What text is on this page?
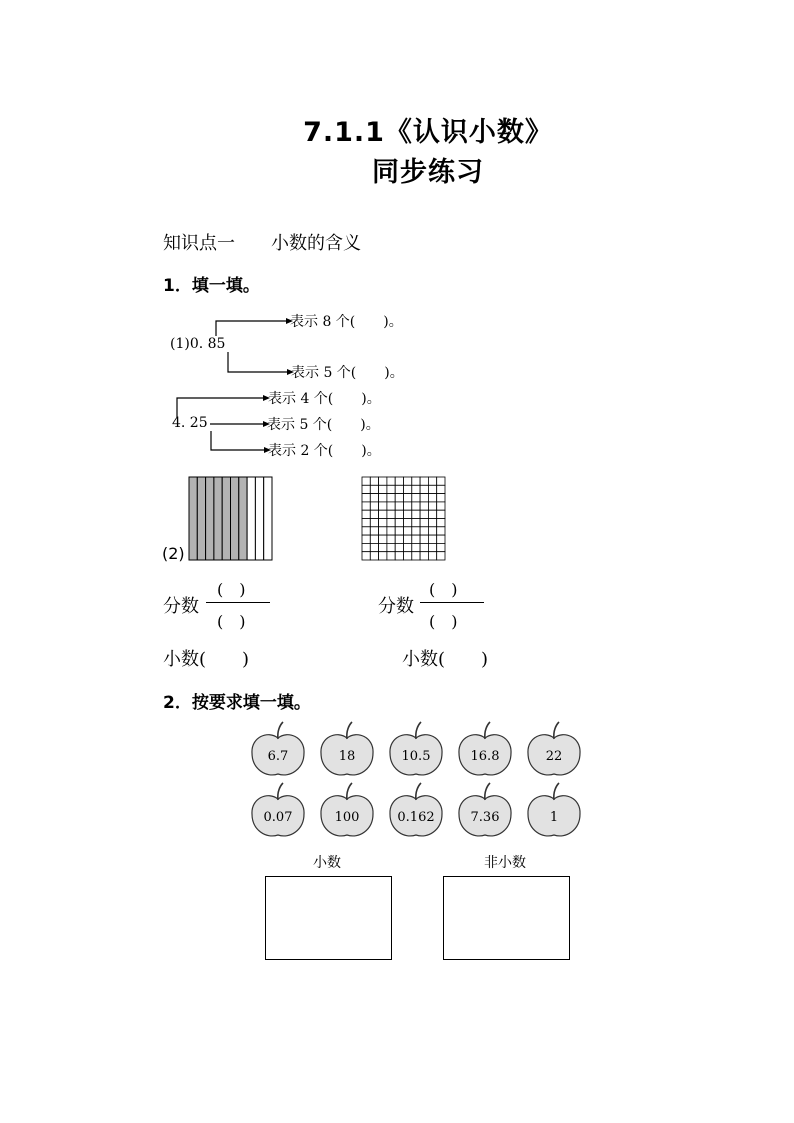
7.1.1《认识小数》
同步练习
知识点一　　小数的含义
1．填一填。
(1)0. 85
表示 8 个(　　)。
表示 5 个(　　)。
4. 25
表示 4 个(　　)。
表示 5 个(　　)。
表示 2 个(　　)。
(2)
分数
(　)
(　)
分数
(　)
(　)
小数(　　)	小数(　　)
2．按要求填一填。
6.7	18	10.5	16.8	22
0.07	100	0.162	7.36	1
小数	非小数
